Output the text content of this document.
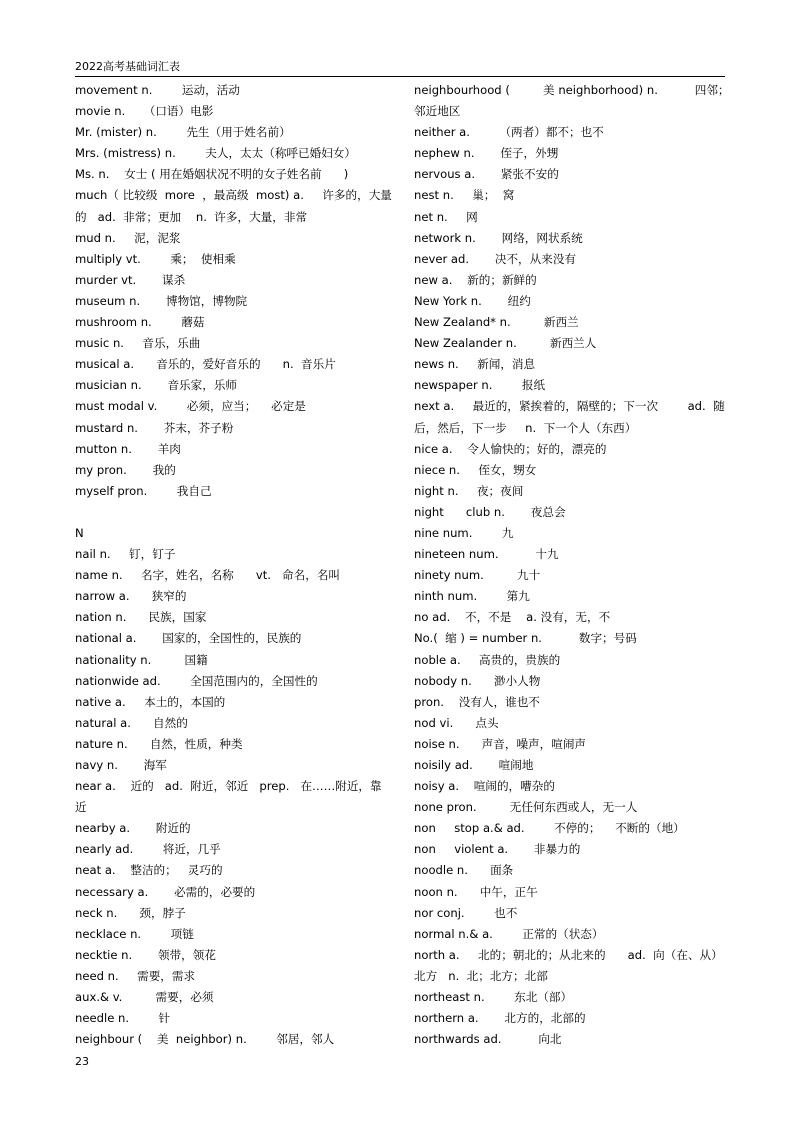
2022高考基础词汇表
movement n.        运动，活动
movie n.     （口语）电影
Mr. (mister) n.        先生（用于姓名前）
Mrs. (mistress) n.        夫人，太太（称呼已婚妇女）
Ms. n.    女士 ( 用在婚姻状况不明的女子姓名前      )
much（ 比较级  more  ，最高级  most) a.     许多的，大量的   ad.  非常；更加    n.  许多，大量，非常
mud n.     泥，泥浆
multiply vt.        乘；  使相乘
murder vt.       谋杀
museum n.       博物馆，博物院
mushroom n.        蘑菇
music n.     音乐，乐曲
musical a.      音乐的，爱好音乐的      n.  音乐片
musician n.       音乐家，乐师
must modal v.        必须，应当；    必定是
mustard n.       芥末，芥子粉
mutton n.       羊肉
my pron.       我的
myself pron.        我自己
N
nail n.     钉，钉子
name n.     名字，姓名，名称      vt.   命名，名叫
narrow a.      狭窄的
nation n.      民族，国家
national a.       国家的，全国性的，民族的
nationality n.         国籍
nationwide ad.        全国范围内的，全国性的
native a.     本土的，本国的
natural a.      自然的
nature n.      自然，性质，种类
navy n.       海军
near a.    近的   ad.  附近，邻近   prep.   在……附近，靠近
nearby a.       附近的
nearly ad.        将近，几乎
neat a.    整洁的；   灵巧的
necessary a.       必需的，必要的
neck n.      颈，脖子
necklace n.        项链
necktie n.       领带，领花
need n.     需要，需求
aux.& v.         需要，必须
needle n.        针
neighbour (    美  neighbor) n.        邻居，邻人
neighbourhood (         美 neighborhood) n.          四邻；邻近地区
neither a.        （两者）都不；也不
nephew n.       侄子，外甥
nervous a.       紧张不安的
nest n.     巢；  窝
net n.     网
network n.       网络，网状系统
never ad.       决不，从来没有
new a.    新的；新鲜的
New York n.       纽约
New Zealand* n.         新西兰
New Zealander n.         新西兰人
news n.     新闻，消息
newspaper n.        报纸
next a.     最近的，紧挨着的，隔壁的；下一次        ad.  随后，然后，下一步     n.  下一个人（东西）
nice a.    令人愉快的；好的，漂亮的
niece n.     侄女，甥女
night n.     夜；夜间
night      club n.       夜总会
nine num.        九
nineteen num.          十九
ninety num.         九十
ninth num.        第九
no ad.    不，不是    a. 没有，无，不
No.(  缩 ) = number n.          数字；号码
noble a.     高贵的，贵族的
nobody n.      渺小人物
pron.    没有人，谁也不
nod vi.      点头
noise n.      声音，噪声，喧闹声
noisily ad.       喧闹地
noisy a.    喧闹的，嘈杂的
none pron.         无任何东西或人，无一人
non     stop a.& ad.        不停的；    不断的（地）
non     violent a.       非暴力的
noodle n.      面条
noon n.      中午，正午
nor conj.        也不
normal n.& a.        正常的（状态）
north a.     北的；朝北的；从北来的      ad.  向（在、从）北方   n.  北；北方；北部
northeast n.        东北（部）
northern a.       北方的，北部的
northwards ad.          向北
23
